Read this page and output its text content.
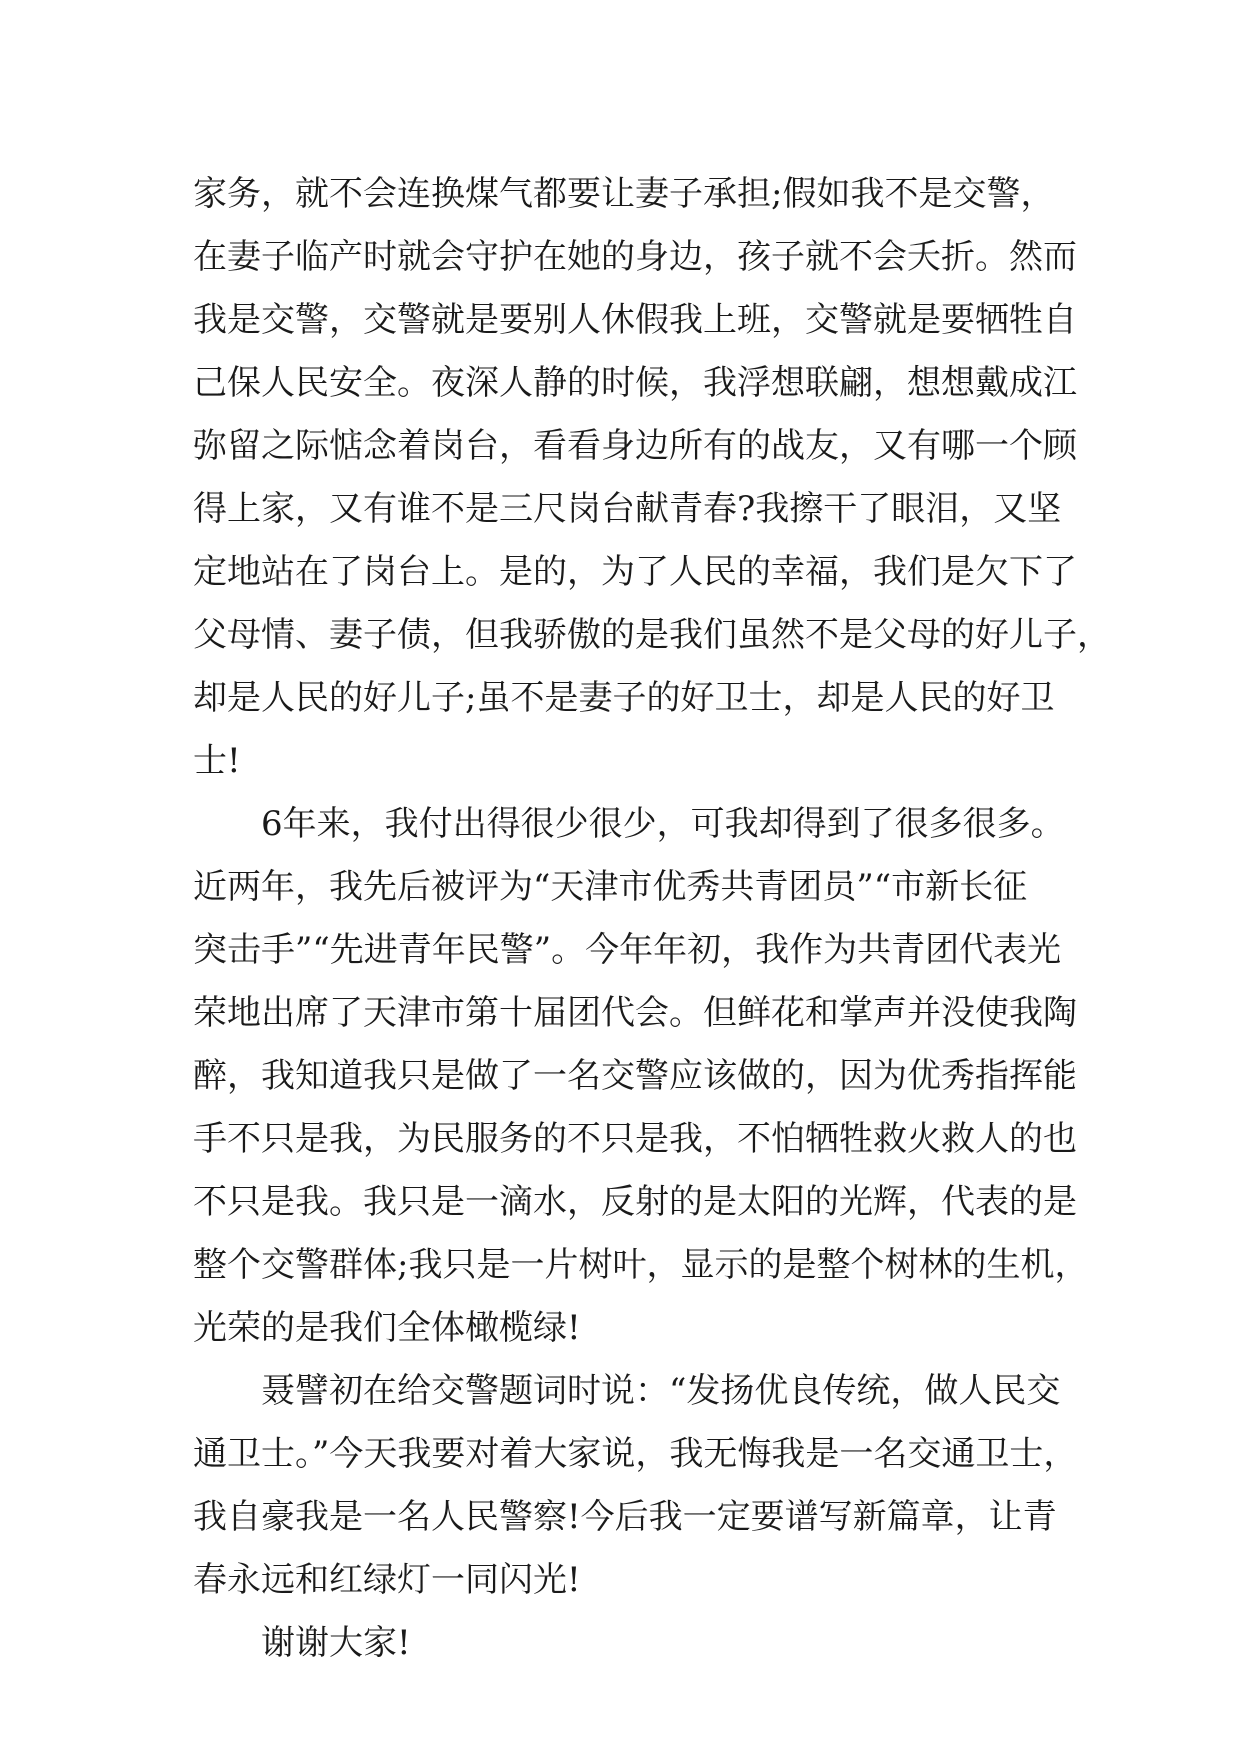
家务，就不会连换煤气都要让妻子承担;假如我不是交警，
在妻子临产时就会守护在她的身边，孩子就不会夭折。然而
我是交警，交警就是要别人休假我上班，交警就是要牺牲自
己保人民安全。夜深人静的时候，我浮想联翩，想想戴成江
弥留之际惦念着岗台，看看身边所有的战友，又有哪一个顾
得上家，又有谁不是三尺岗台献青春?我擦干了眼泪，又坚
定地站在了岗台上。是的，为了人民的幸福，我们是欠下了
父母情、妻子债，但我骄傲的是我们虽然不是父母的好儿子，
却是人民的好儿子;虽不是妻子的好卫士，却是人民的好卫
士!
　　6年来，我付出得很少很少，可我却得到了很多很多。
近两年，我先后被评为“天津市优秀共青团员”“市新长征
突击手”“先进青年民警”。今年年初，我作为共青团代表光
荣地出席了天津市第十届团代会。但鲜花和掌声并没使我陶
醉，我知道我只是做了一名交警应该做的，因为优秀指挥能
手不只是我，为民服务的不只是我，不怕牺牲救火救人的也
不只是我。我只是一滴水，反射的是太阳的光辉，代表的是
整个交警群体;我只是一片树叶，显示的是整个树林的生机，
光荣的是我们全体橄榄绿!
　　聂譬初在给交警题词时说：“发扬优良传统，做人民交
通卫士。”今天我要对着大家说，我无悔我是一名交通卫士，
我自豪我是一名人民警察!今后我一定要谱写新篇章，让青
春永远和红绿灯一同闪光!
　　谢谢大家!
